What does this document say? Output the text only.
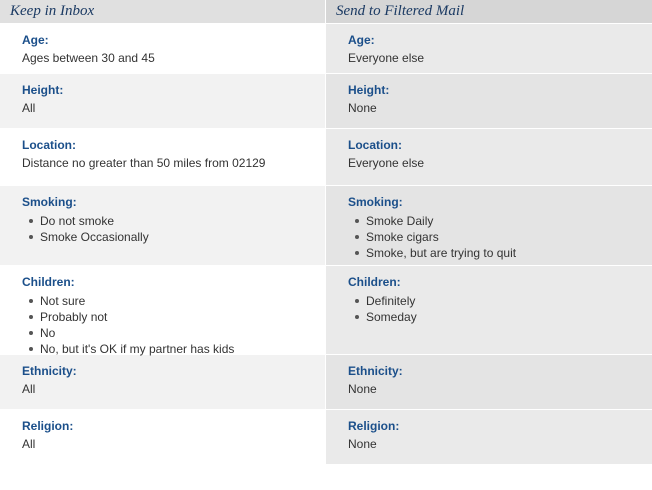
Keep in Inbox
Age:
Ages between 30 and 45
Height:
All
Location:
Distance no greater than 50 miles from 02129
Smoking:
Do not smoke
Smoke Occasionally
Children:
Not sure
Probably not
No
No, but it's OK if my partner has kids
Ethnicity:
All
Religion:
All
Send to Filtered Mail
Age:
Everyone else
Height:
None
Location:
Everyone else
Smoking:
Smoke Daily
Smoke cigars
Smoke, but are trying to quit
Children:
Definitely
Someday
Ethnicity:
None
Religion:
None
